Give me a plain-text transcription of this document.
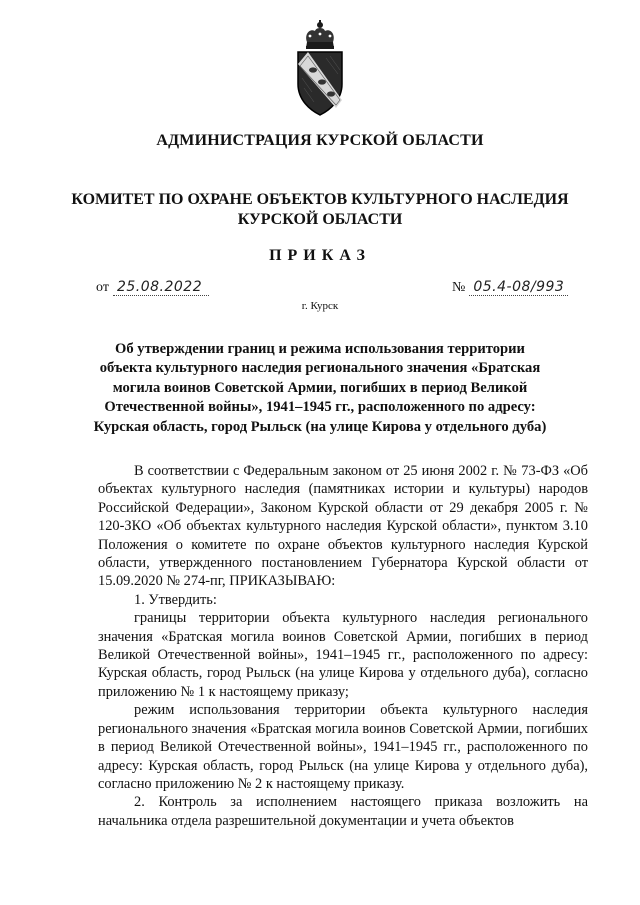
АДМИНИСТРАЦИЯ КУРСКОЙ ОБЛАСТИ
КОМИТЕТ ПО ОХРАНЕ ОБЪЕКТОВ КУЛЬТУРНОГО НАСЛЕДИЯ
КУРСКОЙ ОБЛАСТИ
ПРИКАЗ
от 25.08.2022	№ 05.4-08/993
г. Курск
Об утверждении границ и режима использования территории
объекта культурного наследия регионального значения «Братская
могила воинов Советской Армии, погибших в период Великой
Отечественной войны», 1941–1945 гг., расположенного по адресу:
Курская область, город Рыльск (на улице Кирова у отдельного дуба)

В соответствии с Федеральным законом от 25 июня 2002 г. № 73-ФЗ «Об объектах культурного наследия (памятниках истории и культуры) народов Российской Федерации», Законом Курской области от 29 декабря 2005 г. № 120-ЗКО «Об объектах культурного наследия Курской области», пунктом 3.10 Положения о комитете по охране объектов культурного наследия Курской области, утвержденного постановлением Губернатора Курской области от 15.09.2020 № 274-пг, ПРИКАЗЫВАЮ:

1. Утвердить:

границы территории объекта культурного наследия регионального значения «Братская могила воинов Советской Армии, погибших в период Великой Отечественной войны», 1941–1945 гг., расположенного по адресу: Курская область, город Рыльск (на улице Кирова у отдельного дуба), согласно приложению № 1 к настоящему приказу;

режим использования территории объекта культурного наследия регионального значения «Братская могила воинов Советской Армии, погибших в период Великой Отечественной войны», 1941–1945 гг., расположенного по адресу: Курская область, город Рыльск (на улице Кирова у отдельного дуба), согласно приложению № 2 к настоящему приказу.

2. Контроль за исполнением настоящего приказа возложить на начальника отдела разрешительной документации и учета объектов
